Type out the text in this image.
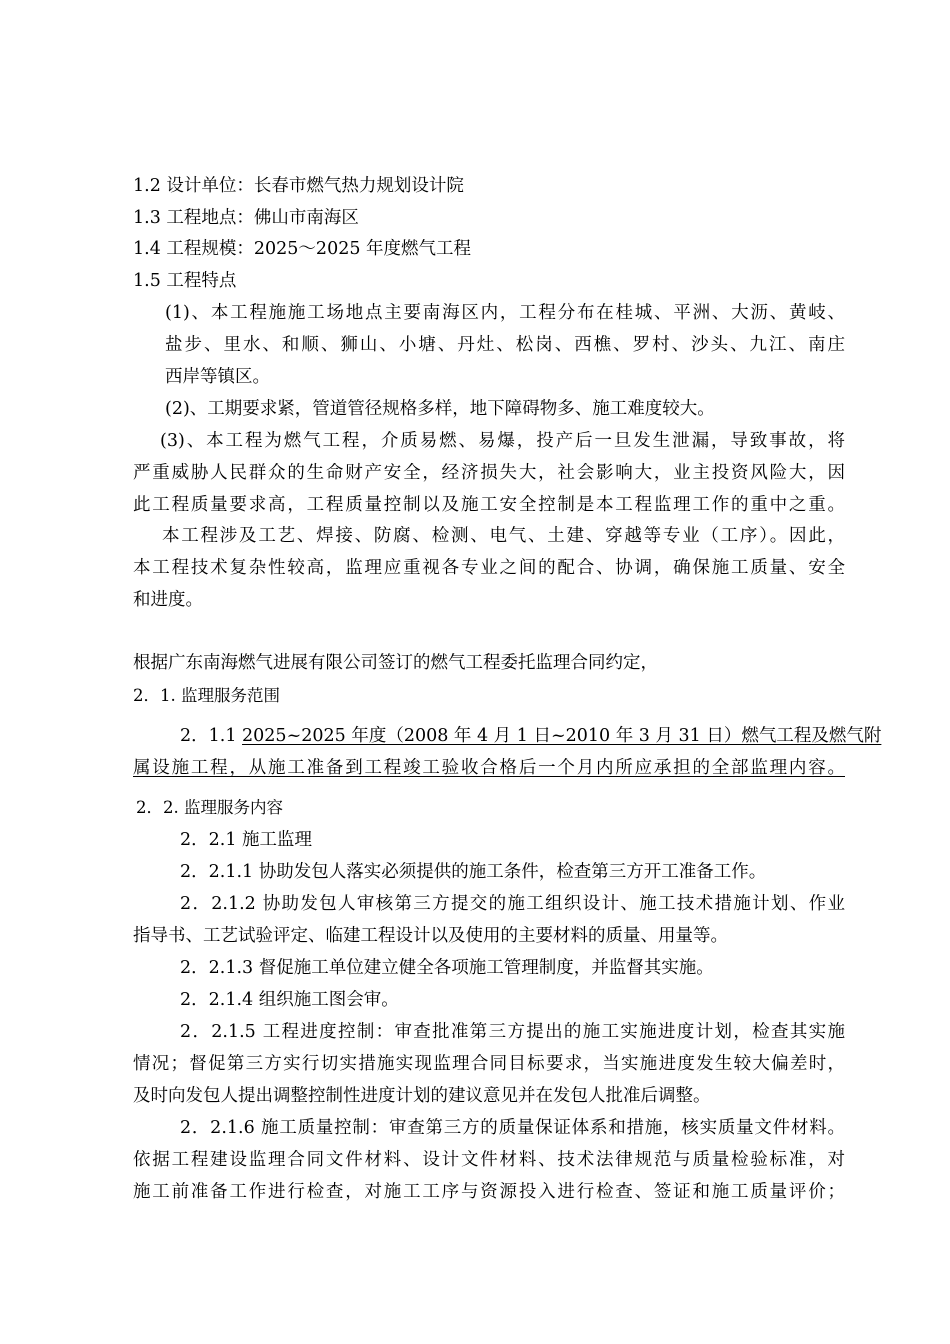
1.2 设计单位：长春市燃气热力规划设计院
1.3 工程地点：佛山市南海区
1.4 工程规模：2025～2025 年度燃气工程
1.5 工程特点
(1)、本工程施施工场地点主要南海区内，工程分布在桂城、平洲、大沥、黄岐、
盐步、里水、和顺、狮山、小塘、丹灶、松岗、西樵、罗村、沙头、九江、南庄
西岸等镇区。
(2)、工期要求紧，管道管径规格多样，地下障碍物多、施工难度较大。
(3)、本工程为燃气工程，介质易燃、易爆，投产后一旦发生泄漏，导致事故，将
严重威胁人民群众的生命财产安全，经济损失大，社会影响大，业主投资风险大，因
此工程质量要求高，工程质量控制以及施工安全控制是本工程监理工作的重中之重。
本工程涉及工艺、焊接、防腐、检测、电气、土建、穿越等专业（工序）。因此，
本工程技术复杂性较高，监理应重视各专业之间的配合、协调，确保施工质量、安全
和进度。
根据广东南海燃气进展有限公司签订的燃气工程委托监理合同约定，
2．1. 监理服务范围
2．1.1 2025~2025 年度（2008 年 4 月 1 日~2010 年 3 月 31 日）燃气工程及燃气附
属设施工程，从施工准备到工程竣工验收合格后一个月内所应承担的全部监理内容。
2．2. 监理服务内容
2．2.1 施工监理
2．2.1.1 协助发包人落实必须提供的施工条件，检查第三方开工准备工作。
2．2.1.2 协助发包人审核第三方提交的施工组织设计、施工技术措施计划、作业
指导书、工艺试验评定、临建工程设计以及使用的主要材料的质量、用量等。
2．2.1.3 督促施工单位建立健全各项施工管理制度，并监督其实施。
2．2.1.4 组织施工图会审。
2．2.1.5 工程进度控制：审查批准第三方提出的施工实施进度计划，检查其实施
情况；督促第三方实行切实措施实现监理合同目标要求，当实施进度发生较大偏差时，
及时向发包人提出调整控制性进度计划的建议意见并在发包人批准后调整。
2．2.1.6 施工质量控制：审查第三方的质量保证体系和措施，核实质量文件材料。
依据工程建设监理合同文件材料、设计文件材料、技术法律规范与质量检验标准，对
施工前准备工作进行检查，对施工工序与资源投入进行检查、签证和施工质量评价；
